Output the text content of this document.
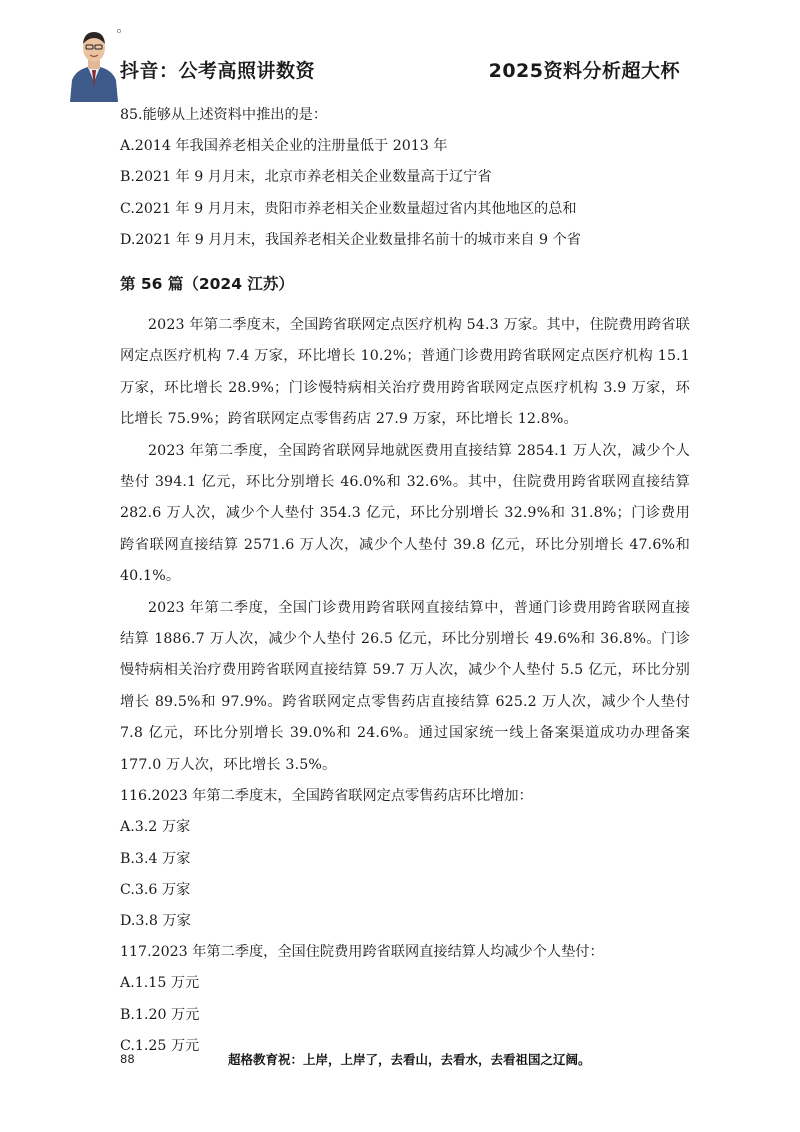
抖音：公考高照讲数资	2025资料分析超大杯

85.能够从上述资料中推出的是：

A.2014 年我国养老相关企业的注册量低于 2013 年

B.2021 年 9 月月末，北京市养老相关企业数量高于辽宁省

C.2021 年 9 月月末，贵阳市养老相关企业数量超过省内其他地区的总和

D.2021 年 9 月月末，我国养老相关企业数量排名前十的城市来自 9 个省

第 56 篇（2024 江苏）

2023 年第二季度末，全国跨省联网定点医疗机构 54.3 万家。其中，住院费用跨省联网定点医疗机构 7.4 万家，环比增长 10.2%；普通门诊费用跨省联网定点医疗机构 15.1 万家，环比增长 28.9%；门诊慢特病相关治疗费用跨省联网定点医疗机构 3.9 万家，环比增长 75.9%；跨省联网定点零售药店 27.9 万家，环比增长 12.8%。

2023 年第二季度，全国跨省联网异地就医费用直接结算 2854.1 万人次，减少个人垫付 394.1 亿元，环比分别增长 46.0%和 32.6%。其中，住院费用跨省联网直接结算 282.6 万人次，减少个人垫付 354.3 亿元，环比分别增长 32.9%和 31.8%；门诊费用跨省联网直接结算 2571.6 万人次，减少个人垫付 39.8 亿元，环比分别增长 47.6%和 40.1%。

2023 年第二季度，全国门诊费用跨省联网直接结算中，普通门诊费用跨省联网直接结算 1886.7 万人次，减少个人垫付 26.5 亿元，环比分别增长 49.6%和 36.8%。门诊慢特病相关治疗费用跨省联网直接结算 59.7 万人次，减少个人垫付 5.5 亿元，环比分别增长 89.5%和 97.9%。跨省联网定点零售药店直接结算 625.2 万人次，减少个人垫付 7.8 亿元，环比分别增长 39.0%和 24.6%。通过国家统一线上备案渠道成功办理备案 177.0 万人次，环比增长 3.5%。

116.2023 年第二季度末，全国跨省联网定点零售药店环比增加：

A.3.2 万家

B.3.4 万家

C.3.6 万家

D.3.8 万家

117.2023 年第二季度，全国住院费用跨省联网直接结算人均减少个人垫付：

A.1.15 万元

B.1.20 万元

C.1.25 万元

88	超格教育祝：上岸，上岸了，去看山，去看水，去看祖国之辽阔。
